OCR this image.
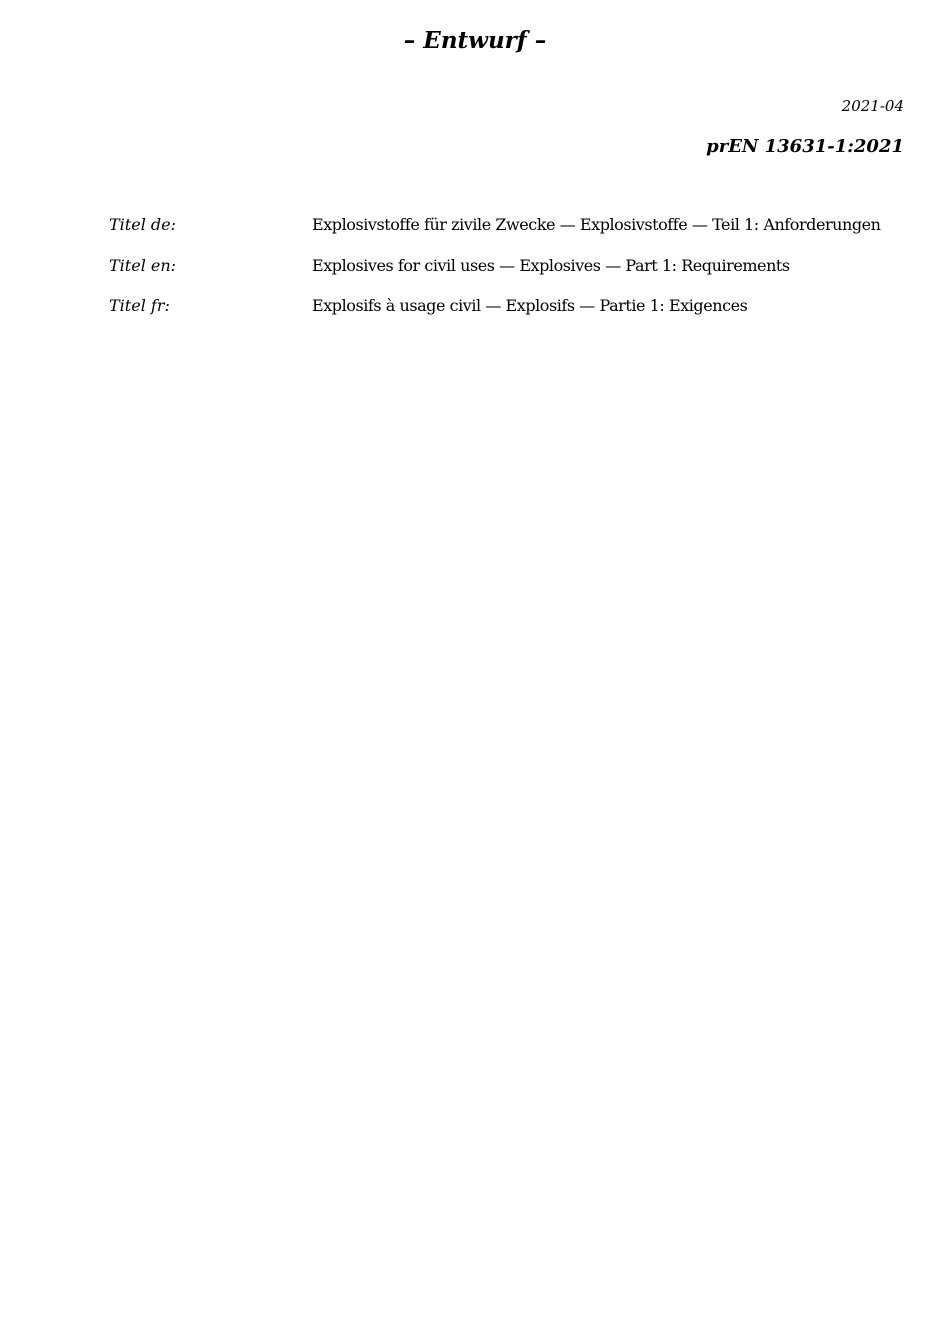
– Entwurf –
2021-04
prEN 13631-1:2021
Titel de:	Explosivstoffe für zivile Zwecke — Explosivstoffe — Teil 1: Anforderungen
Titel en:	Explosives for civil uses — Explosives — Part 1: Requirements
Titel fr:	Explosifs à usage civil — Explosifs — Partie 1: Exigences
